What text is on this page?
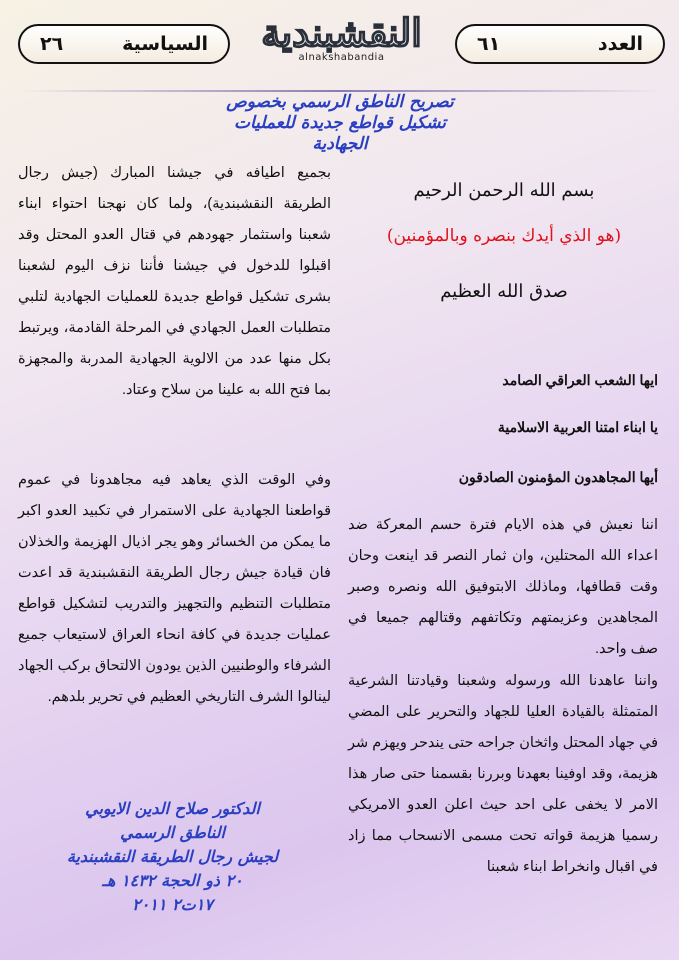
السياسية
٢٦	النقشبندية
alnakshabandia
العدد
٦١
تصريح الناطق الرسمي بخصوص
تشكيل قواطع جديدة للعمليات
الجهادية
بسم الله الرحمن الرحيم
(هو الذي أيدك بنصره وبالمؤمنين)
صدق الله العظيم
ايها الشعب العراقي الصامد
يا ابناء امتنا العربية الاسلامية
أيها المجاهدون المؤمنون الصادقون

اننا نعيش في هذه الايام فترة حسم المعركة ضد اعداء الله المحتلين، وان ثمار النصر قد اينعت وحان وقت قطافها، وماذلك الابتوفيق الله ونصره وصبر المجاهدين وعزيمتهم وتكاتفهم وقتالهم جميعا في صف واحد.

واننا عاهدنا الله ورسوله وشعبنا وقيادتنا الشرعية المتمثلة بالقيادة العليا للجهاد والتحرير على المضي في جهاد المحتل واثخان جراحه حتى يندحر ويهزم شر هزيمة، وقد اوفينا بعهدنا وبررنا بقسمنا حتى صار هذا الامر لا يخفى على احد حيث اعلن العدو الامريكي رسميا هزيمة قواته تحت مسمى الانسحاب مما زاد في اقبال وانخراط ابناء شعبنا

بجميع اطيافه في جيشنا المبارك (جيش رجال الطريقة النقشبندية)، ولما كان نهجنا احتواء ابناء شعبنا واستثمار جهودهم في قتال العدو المحتل وقد اقبلوا للدخول في جيشنا فأننا نزف اليوم لشعبنا بشرى تشكيل قواطع جديدة للعمليات الجهادية لتلبي متطلبات العمل الجهادي في المرحلة القادمة، ويرتبط بكل منها عدد من الالوية الجهادية المدربة والمجهزة بما فتح الله به علينا من سلاح وعتاد.

وفي الوقت الذي يعاهد فيه مجاهدونا في عموم قواطعنا الجهادية على الاستمرار في تكبيد العدو اكبر ما يمكن من الخسائر وهو يجر اذيال الهزيمة والخذلان فان قيادة جيش رجال الطريقة النقشبندية قد اعدت متطلبات التنظيم والتجهيز والتدريب لتشكيل قواطع عمليات جديدة في كافة انحاء العراق لاستيعاب جميع الشرفاء والوطنيين الذين يودون الالتحاق بركب الجهاد لينالوا الشرف التاريخي العظيم في تحرير بلدهم.

الدكتور صلاح الدين الايوبي
الناطق الرسمي
لجيش رجال الطريقة النقشبندية
٢٠ ذو الحجة ١٤٣٢ هـ
١٧ت٢ ٢٠١١
